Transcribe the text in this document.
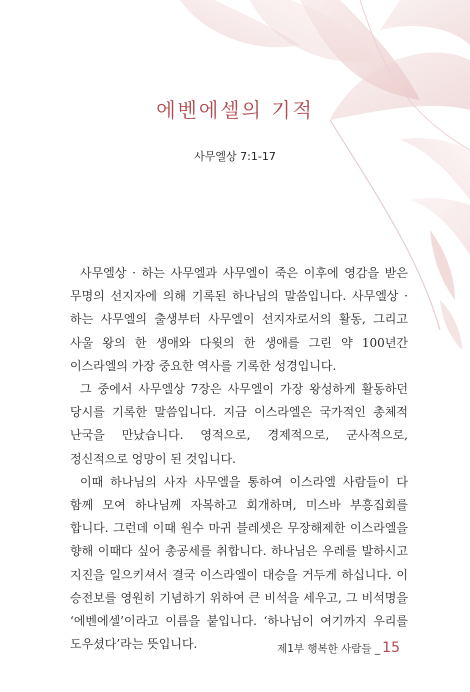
에벤에셀의 기적
사무엘상 7:1-17

사무엘상 · 하는 사무엘과 사무엘이 죽은 이후에 영감을 받은 무명의 선지자에 의해 기록된 하나님의 말씀입니다. 사무엘상 · 하는 사무엘의 출생부터 사무엘이 선지자로서의 활동, 그리고 사울 왕의 한 생애와 다윗의 한 생애를 그린 약 100년간 이스라엘의 가장 중요한 역사를 기록한 성경입니다.

그 중에서 사무엘상 7장은 사무엘이 가장 왕성하게 활동하던 당시를 기록한 말씀입니다. 지금 이스라엘은 국가적인 총체적 난국을 만났습니다. 영적으로, 경제적으로, 군사적으로, 정신적으로 엉망이 된 것입니다.

이때 하나님의 사자 사무엘을 통하여 이스라엘 사람들이 다 함께 모여 하나님께 자복하고 회개하며, 미스바 부흥집회를 합니다. 그런데 이때 원수 마귀 블레셋은 무장해제한 이스라엘을 향해 이때다 싶어 총공세를 취합니다. 하나님은 우레를 발하시고 지진을 일으키셔서 결국 이스라엘이 대승을 거두게 하십니다. 이 승전보를 영원히 기념하기 위하여 큰 비석을 세우고, 그 비석명을 ‘에벤에셀’이라고 이름을 붙입니다. ‘하나님이 여기까지 우리를 도우셨다’라는 뜻입니다.	제1부 행복한 사람들 _ 15
